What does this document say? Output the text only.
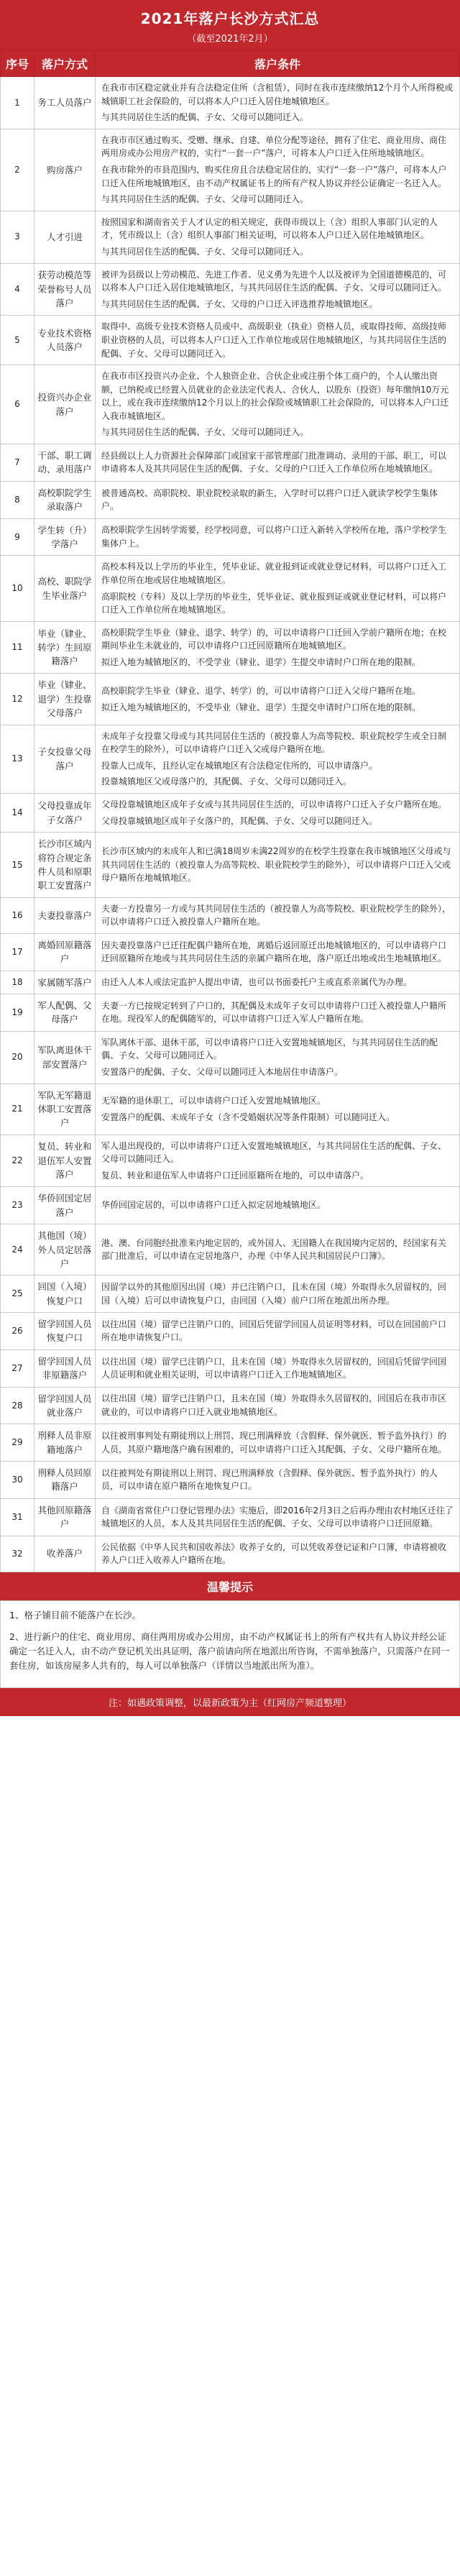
2021年落户长沙方式汇总
（截至2021年2月）
序号	落户方式	落户条件
1	务工人员落户	在我市市区稳定就业并有合法稳定住所（含租赁），同时在我市连续缴纳12个月个人所得税或城镇职工社会保险的，可以将本人户口迁入居住地城镇地区。

与其共同居住生活的配偶、子女、父母可以随同迁入。

2	购房落户	在我市市区通过购买、受赠、继承、自建、单位分配等途径，拥有了住宅、商业用房、商住两用房或办公用房产权的，实行“一套一户”落户，可将本人户口迁入住所地城镇地区。

在我市除外的市县范围内，购买住房且合法稳定居住的，实行“一套一户”落户，可将本人户口迁入住所地城镇地区，由不动产权属证书上的所有产权人协议并经公证确定一名迁入人。

与其共同居住生活的配偶、子女、父母可以随同迁入。

3	人才引进	按照国家和湖南省关于人才认定的相关规定，获得市级以上（含）组织人事部门认定的人才，凭市级以上（含）组织人事部门相关证明，可以将本人户口迁入居住地城镇地区。

与其共同居住生活的配偶、子女、父母可以随同迁入。

4	获劳动模范等荣誉称号人员落户	被评为县级以上劳动模范、先进工作者、见义勇为先进个人以及被评为全国道德模范的，可以将本人户口迁入居住地城镇地区，与其共同居住生活的配偶、子女、父母可以随同迁入。

与其共同居住生活的配偶、子女、父母的户口迁入评选推荐地城镇地区。

5	专业技术资格人员落户	取得中、高级专业技术资格人员或中、高级职业（执业）资格人员，或取得技师、高级技师职业资格的人员，可以将本人户口迁入工作单位地或居住地城镇地区，与其共同居住生活的配偶、子女、父母可以随同迁入。

6	投资兴办企业落户	在我市市区投资兴办企业、个人独资企业、合伙企业或注册个体工商户的，个人认缴出资额，已纳税或已经置入员就业的企业法定代表人、合伙人，以股东（投资）每年缴纳10万元以上，或在我市连续缴纳12个月以上的社会保险或城镇职工社会保险的，可以将本人户口迁入我市城镇地区。

与其共同居住生活的配偶、子女、父母可以随同迁入。

7	干部、职工调动、录用落户	经县级以上人力资源社会保障部门或国家干部管理部门批准调动、录用的干部、职工，可以申请将本人及其共同居住生活的配偶、子女、父母的户口迁入工作单位所在地城镇地区。

8	高校职院学生录取落户	被普通高校、高职院校、职业院校录取的新生，入学时可以将户口迁入就读学校学生集体户。

9	学生转（升）学落户	高校职院学生因转学需要，经学校同意，可以将户口迁入新转入学校所在地，落户学校学生集体户上。

10	高校、职院学生毕业落户	高校本科及以上学历的毕业生，凭毕业证、就业报到证或就业登记材料，可以将户口迁入工作单位所在地或居住地城镇地区。

高职院校（专科）及以上学历的毕业生，凭毕业证、就业报到证或就业登记材料，可以将户口迁入工作单位所在地城镇地区。

11	毕业（肄业、转学）生回原籍落户	高校职院学生毕业（肄业、退学、转学）的，可以申请将户口迁回入学前户籍所在地；在校期间毕业生未就业的，可以申请将户口迁回原籍所在地城镇地区。

拟迁入地为城镇地区的，不受学业（肄业、退学）生提交申请时户口所在地的限制。

12	毕业（肄业、退学）生投靠父母落户	高校职院学生毕业（肄业、退学、转学）的，可以申请将户口迁入父母户籍所在地。

拟迁入地为城镇地区的，不受毕业（肄业、退学）生提交申请时户口所在地的限制。

13	子女投靠父母落户	未成年子女投靠父母或与其共同居住生活的（被投靠人为高等院校、职业院校学生或全日制在校学生的除外），可以申请将户口迁入父或母户籍所在地。

投靠人已成年，且经认定在城镇地区有合法稳定住所的，可以申请落户。

投靠城镇地区父或母落户的，其配偶、子女、父母可以随同迁入。

14	父母投靠成年子女落户	父母投靠城镇地区成年子女或与其共同居住生活的，可以申请将户口迁入子女户籍所在地。

父母投靠城镇地区成年子女落户的，其配偶、子女、父母可以随同迁入。

15	长沙市区域内将符合规定条件人员和原职职工安置落户	长沙市区域内的未成年人和已满18周岁未满22周岁的在校学生投靠在我市城镇地区父母或与其共同居住生活的（被投靠人为高等院校、职业院校学生的除外），可以申请将户口迁入父或母户籍所在地城镇地区。

16	夫妻投靠落户	夫妻一方投靠另一方或与其共同居住生活的（被投靠人为高等院校、职业院校学生的除外），可以申请将户口迁入被投靠人户籍所在地。

17	离婚回原籍落户	因夫妻投靠落户已迁往配偶户籍所在地，离婚后返回原迁出地城镇地区的，可以申请将户口迁回原籍所在地或与其共同居住生活的亲属户籍所在地，落户原迁出地或出生地城镇地区。

18	家属随军落户	由迁入人本人或法定监护人提出申请，也可以书面委托户主或直系亲属代为办理。

19	军人配偶、父母落户	夫妻一方已按规定转到了户口的，其配偶及未成年子女可以申请将户口迁入被投靠人户籍所在地。现役军人的配偶随军的，可以申请将户口迁入军人户籍所在地。

20	军队离退休干部安置落户	军队离休干部、退休干部，可以申请将户口迁入安置地城镇地区，与其共同居住生活的配偶、子女、父母可以随同迁入。

安置落户的配偶、子女、父母可以随同迁入本地居住申请落户。

21	军队无军籍退休职工安置落户	无军籍的退休职工，可以申请将户口迁入安置地城镇地区。

安置落户的配偶、未成年子女（含不受婚姻状况等条件限制）可以随同迁入。

22	复员、转业和退伍军人安置落户	军人退出现役的，可以申请将户口迁入安置地城镇地区，与其共同居住生活的配偶、子女、父母可以随同迁入。

复员、转业和退伍军人申请将户口迁回原籍所在地的，可以申请落户。

23	华侨回国定居落户	华侨回国定居的，可以申请将户口迁入拟定居地城镇地区。

24	其他国（境）外人员定居落户	港、澳、台同胞经批准来内地定居的，或外国人、无国籍人在我国境内定居的，经国家有关部门批准后，可以申请在定居地落户，办理《中华人民共和国居民户口簿》。

25	回国（入境）恢复户口	因留学以外的其他原因出国（境）并已注销户口，且未在国（境）外取得永久居留权的，回国（入境）后可以申请恢复户口，由回国（入境）前户口所在地派出所办理。

26	留学回国人员恢复户口	以往出国（境）留学已注销户口的，回国后凭留学回国人员证明等材料，可以在回国前户口所在地申请恢复户口。

27	留学回国人员非原籍落户	以往出国（境）留学已注销户口，且未在国（境）外取得永久居留权的，回国后凭留学回国人员证明和就业相关证明，可以申请将户口迁入工作地城镇地区。

28	留学回国人员就业落户	以往出国（境）留学已注销户口，且未在国（境）外取得永久居留权的，回国后在我市市区就业的，可以申请将户口迁入就业地城镇地区。

29	刑释人员非原籍地落户	以往被刑事判处有期徒刑以上刑罚、现已刑满释放（含假释、保外就医、暂予监外执行）的人员，其原户籍地落户确有困难的，可以申请将户口迁入其配偶、子女、父母户籍所在地。

30	刑释人员回原籍落户	以往被判处有期徒刑以上刑罚、现已刑满释放（含假释、保外就医、暂予监外执行）的人员，可以申请在原户籍所在地恢复户口。

31	其他回原籍落户	自《湖南省常住户口登记管理办法》实施后，即2016年2月3日之后再办理由农村地区迁往了城镇地区的人员，本人及其共同居住生活的配偶、子女、父母可以申请将户口迁回原籍。

32	收养落户	公民依据《中华人民共和国收养法》收养子女的，可以凭收养登记证和户口簿，申请将被收养人户口迁入收养人户籍所在地。

温馨提示

1、格子铺目前不能落户在长沙。

2、进行新户的住宅、商业用房、商住两用房或办公用房，由不动产权属证书上的所有产权共有人协议并经公证确定一名迁入人，由不动产登记机关出具证明，落户前请向所在地派出所咨询，不需单独落户，只需落户在同一套住房，如该房屋多人共有的，每人可以单独落户（详情以当地派出所为准）。

注：如遇政策调整，以最新政策为主（红网房产频道整理）
